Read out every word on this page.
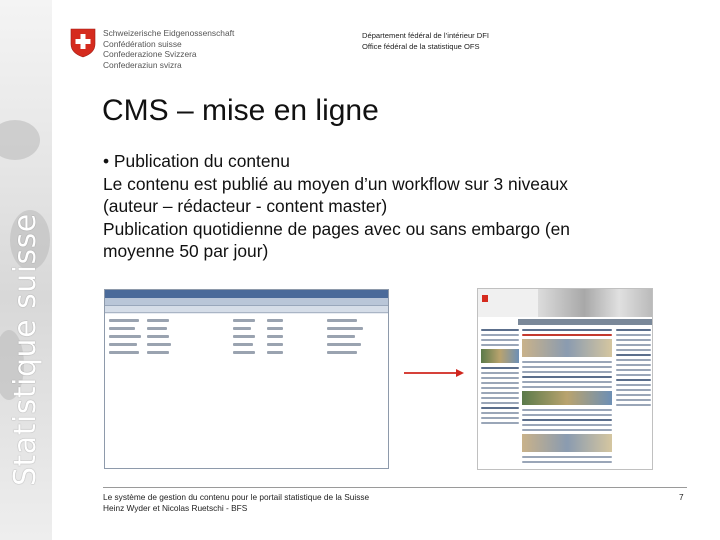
Statistique suisse
Schweizerische Eidgenossenschaft
Confédération suisse
Confederazione Svizzera
Confederaziun svizra
Département fédéral de l’intérieur DFI
Office fédéral de la statistique OFS
CMS – mise en ligne
• Publication du contenu
Le contenu est publié au moyen d’un workflow sur 3 niveaux
(auteur – rédacteur - content master)
Publication quotidienne de pages avec ou sans embargo (en
moyenne 50 par jour)
Le système de gestion du contenu pour le portail statistique de la Suisse
Heinz Wyder et Nicolas Ruetschi - BFS
7
